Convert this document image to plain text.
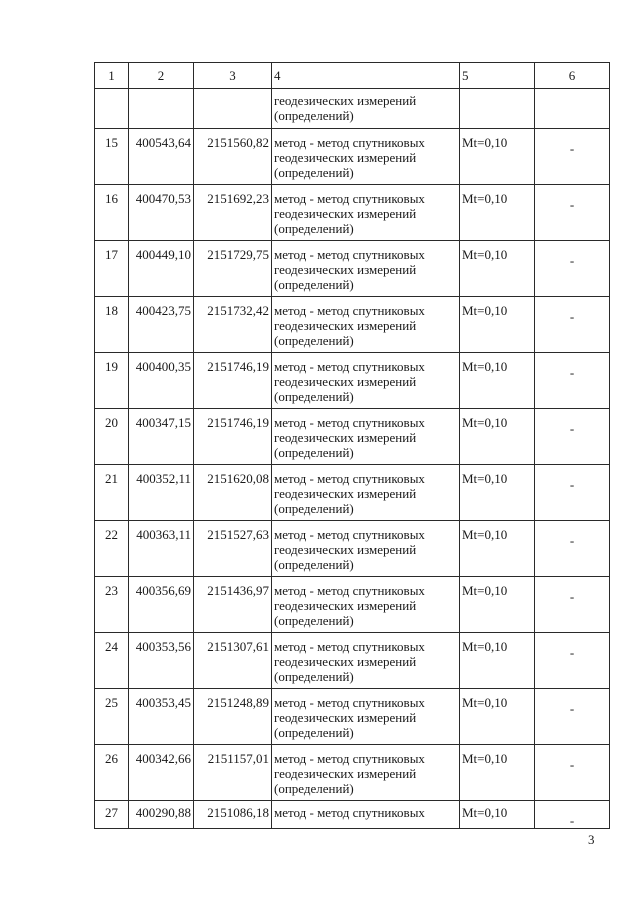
1	2	3	4	5	6
			геодезических измерений (определений)		
15	400543,64	2151560,82	метод - метод спутниковых геодезических измерений (определений)	Mt=0,10	-
16	400470,53	2151692,23	метод - метод спутниковых геодезических измерений (определений)	Mt=0,10	-
17	400449,10	2151729,75	метод - метод спутниковых геодезических измерений (определений)	Mt=0,10	-
18	400423,75	2151732,42	метод - метод спутниковых геодезических измерений (определений)	Mt=0,10	-
19	400400,35	2151746,19	метод - метод спутниковых геодезических измерений (определений)	Mt=0,10	-
20	400347,15	2151746,19	метод - метод спутниковых геодезических измерений (определений)	Mt=0,10	-
21	400352,11	2151620,08	метод - метод спутниковых геодезических измерений (определений)	Mt=0,10	-
22	400363,11	2151527,63	метод - метод спутниковых геодезических измерений (определений)	Mt=0,10	-
23	400356,69	2151436,97	метод - метод спутниковых геодезических измерений (определений)	Mt=0,10	-
24	400353,56	2151307,61	метод - метод спутниковых геодезических измерений (определений)	Mt=0,10	-
25	400353,45	2151248,89	метод - метод спутниковых геодезических измерений (определений)	Mt=0,10	-
26	400342,66	2151157,01	метод - метод спутниковых геодезических измерений (определений)	Mt=0,10	-
27	400290,88	2151086,18	метод - метод спутниковых	Mt=0,10	-
3
